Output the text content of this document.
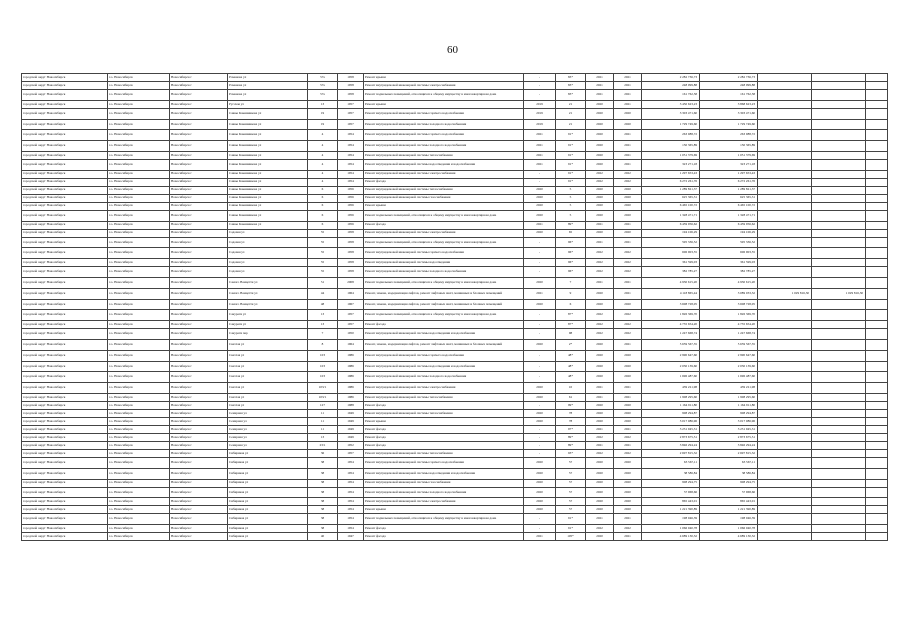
60
городской округ Новосибирск	г.о. Новосибирск	Новосибирск г	Романова ул	57а	1958	Ремонт крыши	-	83*	2021	2021	2 282 736,73	2 282 736,73			
городской округ Новосибирск	г.о. Новосибирск	Новосибирск г	Романова ул	57а	1958	Ремонт внутридомовой инженерной системы электроснабжения	-	83*	2021	2021	248 099,88	248 099,88			
городской округ Новосибирск	г.о. Новосибирск	Новосибирск г	Романова ул	57а	1958	Ремонт подвальных помещений, относящихся к общему имуществу в многоквартирном доме	-	83*	2021	2021	161 762,58	161 762,58			
городской округ Новосибирск	г.о. Новосибирск	Новосибирск г	Русская ул	13	1957	Ремонт крыши	2019	21	2020	2021	3 450 623,23	3 868 623,23			
городской округ Новосибирск	г.о. Новосибирск	Новосибирск г	Саввы Кожевникова ул	19	1957	Ремонт внутридомовой инженерной системы горячего водоснабжения	2019	21	2020	2020	3 303 471,60	3 303 471,60			
городской округ Новосибирск	г.о. Новосибирск	Новосибирск г	Саввы Кожевникова ул	19	1957	Ремонт внутридомовой инженерной системы холодного водоснабжения	2019	21	2020	2020	1 729 749,60	1 729 749,60			
городской округ Новосибирск	г.о. Новосибирск	Новосибирск г	Саввы Кожевникова ул	4	1954	Ремонт внутридомовой инженерной системы горячего водоснабжения	2021	91*	2020	2021	263 988,72	263 988,72			
городской округ Новосибирск	г.о. Новосибирск	Новосибирск г	Саввы Кожевникова ул	4	1954	Ремонт внутридомовой инженерной системы холодного водоснабжения	2021	91*	2020	2021	150 365,89	150 365,89			
городской округ Новосибирск	г.о. Новосибирск	Новосибирск г	Саввы Кожевникова ул	4	1954	Ремонт внутридомовой инженерной системы теплоснабжения	2021	91*	2020	2021	1 051 379,69	1 051 379,69			
городской округ Новосибирск	г.о. Новосибирск	Новосибирск г	Саввы Кожевникова ул	4	1954	Ремонт внутридомовой инженерной системы водоотведения и водоснабжения	2021	91*	2020	2021	323 271,18	323 271,18			
городской округ Новосибирск	г.о. Новосибирск	Новосибирск г	Саввы Кожевникова ул	4	1954	Ремонт внутридомовой инженерной системы электроснабжения	-	91*	2022	2022	1 297 653,43	1 297 653,43			
городской округ Новосибирск	г.о. Новосибирск	Новосибирск г	Саввы Кожевникова ул	4	1954	Ремонт фасада	-	91*	2022	2022	6 272 261,76	6 272 261,76			
городской округ Новосибирск	г.о. Новосибирск	Новосибирск г	Саввы Кожевникова ул	6	1956	Ремонт внутридомовой инженерной системы теплоснабжения	2020	5	2020	2020	1 289 821,37	1 289 821,37			
городской округ Новосибирск	г.о. Новосибирск	Новосибирск г	Саввы Кожевникова ул	6	1956	Ремонт внутридомовой инженерной системы газоснабжения	2020	5	2020	2020	625 365,31	625 365,31			
городской округ Новосибирск	г.о. Новосибирск	Новосибирск г	Саввы Кожевникова ул	6	1956	Ремонт крыши	2020	5	2020	2020	6 465 100,72	6 465 100,72			
городской округ Новосибирск	г.о. Новосибирск	Новосибирск г	Саввы Кожевникова ул	6	1956	Ремонт подвальных помещений, относящихся к общему имуществу в многоквартирном доме	2020	5	2020	2020	1 328 471,71	1 328 471,71			
городской округ Новосибирск	г.о. Новосибирск	Новосибирск г	Саввы Кожевникова ул	6	1956	Ремонт фасада	2021	89*	2021	2021	6 459 956,62	6 459 956,62			
городской округ Новосибирск	г.о. Новосибирск	Новосибирск г	Садовая ул	55	1958	Ремонт внутридомовой инженерной системы электроснабжения	2020	65	2020	2020	194 106,29	194 106,29			
городской округ Новосибирск	г.о. Новосибирск	Новосибирск г	Садовая ул	55	1958	Ремонт подвальных помещений, относящихся к общему имуществу в многоквартирном доме	-	96*	2021	2021	595 336,52	595 336,52			
городской округ Новосибирск	г.о. Новосибирск	Новосибирск г	Садовая ул	55	1958	Ремонт внутридомовой инженерной системы горячего водоснабжения	-	96*	2022	2022	606 903,55	606 903,55			
городской округ Новосибирск	г.о. Новосибирск	Новосибирск г	Садовая ул	55	1958	Ремонт внутридомовой инженерной системы водоотведения	-	96*	2022	2022	361 599,03	361 599,03			
городской округ Новосибирск	г.о. Новосибирск	Новосибирск г	Садовая ул	55	1958	Ремонт внутридомовой инженерной системы холодного водоснабжения	-	96*	2022	2022	382 785,27	382 785,27			
городской округ Новосибирск	г.о. Новосибирск	Новосибирск г	Самого Ванцетти ул	51	2008	Ремонт подвальных помещений, относящихся к общему имуществу в многоквартирном доме	2020	7	2021	2021	4 930 615,20	4 930 615,20			
городской округ Новосибирск	г.о. Новосибирск	Новосибирск г	Самого Ванцетти ул	44	1964	Ремонт, замена, модернизация лифтов, ремонт лифтовых шахт, машинных и блочных помещений	2021	9	2020	2021	4 118 865,44	3 089 033,32	1 029 816,30	1 029 816,30	
городской округ Новосибирск	г.о. Новосибирск	Новосибирск г	Самого Ванцетти ул	48	1967	Ремонт, замена, модернизация лифтов, ремонт лифтовых шахт, машинных и блочных помещений	2020	6	2020	2020	3 608 728,05	3 608 728,05			
городской округ Новосибирск	г.о. Новосибирск	Новосибирск г	Сакураги ул	13	1957	Ремонт подвальных помещений, относящихся к общему имуществу в многоквартирном доме	-	87*	2022	2022	1 826 369,70	1 826 369,70			
городской округ Новосибирск	г.о. Новосибирск	Новосибирск г	Сакураги ул	13	1957	Ремонт фасада	-	87*	2022	2022	4 735 654,20	4 735 654,20			
городской округ Новосибирск	г.о. Новосибирск	Новосибирск г	Сакураги пер	7	1950	Ремонт внутридомовой инженерной системы водоотведения и водоснабжения	-	98	2022	2022	1 247 668,74	1 247 668,74			
городской округ Новосибирск	г.о. Новосибирск	Новосибирск г	Светлая ул	8	1964	Ремонт, замена, модернизация лифтов, ремонт лифтовых шахт, машинных и блочных помещений	2020	2*	2020	2021	5 659 567,35	5 659 567,35			
городской округ Новосибирск	г.о. Новосибирск	Новосибирск г	Светлая ул	103	1986	Ремонт внутридомовой инженерной системы горячего водоснабжения	-	48*	2020	2020	2 990 647,60	2 990 647,60			
городской округ Новосибирск	г.о. Новосибирск	Новосибирск г	Светлая ул	103	1986	Ремонт внутридомовой инженерной системы водоотведения и водоснабжения	-	48*	2020	2020	2 030 139,60	2 030 139,60			
городской округ Новосибирск	г.о. Новосибирск	Новосибирск г	Светлая ул	103	1986	Ремонт внутридомовой инженерной системы холодного водоснабжения	-	48*	2020	2020	1 696 487,60	1 696 487,60			
городской округ Новосибирск	г.о. Новосибирск	Новосибирск г	Светлая ул	103/1	1986	Ремонт внутридомовой инженерной системы электроснабжения	2020	10	2021	2021	439 221,98	439 221,98			
городской округ Новосибирск	г.о. Новосибирск	Новосибирск г	Светлая ул	103/1	1986	Ремонт внутридомовой инженерной системы теплоснабжения	2020	61	2021	2021	1 908 295,60	1 908 295,60			
городской округ Новосибирск	г.о. Новосибирск	Новосибирск г	Светлая ул	127	1988	Ремонт фасада	-	99*	2020	2020	1 164 911,80	1 164 911,80			
городской округ Новосибирск	г.о. Новосибирск	Новосибирск г	Семерная ул	11	1949	Ремонт внутридомовой инженерной системы теплоснабжения	2020	78	2020	2020	908 294,87	908 294,87			
городской округ Новосибирск	г.о. Новосибирск	Новосибирск г	Семерная ул	11	1949	Ремонт крыши	2020	78	2020	2020	3 017 086,96	3 017 086,96			
городской округ Новосибирск	г.о. Новосибирск	Новосибирск г	Семерная ул	11	1949	Ремонт фасада	-	97*	2021	2021	3 231 945,31	3 231 945,31			
городской округ Новосибирск	г.о. Новосибирск	Новосибирск г	Семерная ул	13	1949	Ремонт фасада	-	89*	2022	2022	2 873 675,51	2 873 675,51			
городской округ Новосибирск	г.о. Новосибирск	Новосибирск г	Семерная ул	23/1	1952	Ремонт фасада	-	89*	2021	2021	3 846 294,24	3 846 294,24			
городской округ Новосибирск	г.о. Новосибирск	Новосибирск г	Сибиряков ул	36	1957	Ремонт внутридомовой инженерной системы теплоснабжения	-	93*	2022	2022	2 697 815,32	2 697 815,32			
городской округ Новосибирск	г.о. Новосибирск	Новосибирск г	Сибиряков ул	38	1954	Ремонт внутридомовой инженерной системы горячего водоснабжения	2020	57	2020	2020	63 567,11	63 567,11			
городской округ Новосибирск	г.о. Новосибирск	Новосибирск г	Сибиряков ул	38	1954	Ремонт внутридомовой инженерной системы водоотведения и водоснабжения	2020	57	2020	2020	38 586,84	38 586,84			
городской округ Новосибирск	г.о. Новосибирск	Новосибирск г	Сибиряков ул	38	1954	Ремонт внутридомовой инженерной системы газоснабжения	2020	57	2020	2020	908 294,75	908 294,75			
городской округ Новосибирск	г.о. Новосибирск	Новосибирск г	Сибиряков ул	38	1954	Ремонт внутридомовой инженерной системы холодного водоснабжения	2020	57	2020	2020	57 968,66	57 968,66			
городской округ Новосибирск	г.о. Новосибирск	Новосибирск г	Сибиряков ул	38	1954	Ремонт внутридомовой инженерной системы электроснабжения	2020	57	2020	2020	865 443,01	865 443,01			
городской округ Новосибирск	г.о. Новосибирск	Новосибирск г	Сибиряков ул	38	1954	Ремонт крыши	2020	57	2020	2020	1 221 390,89	1 221 390,89			
городской округ Новосибирск	г.о. Новосибирск	Новосибирск г	Сибиряков ул	38	1954	Ремонт подвальных помещений, относящихся к общему имуществу в многоквартирном доме	-	91*	2021	2021	198 046,39	198 046,39			
городской округ Новосибирск	г.о. Новосибирск	Новосибирск г	Сибиряков ул	38	1954	Ремонт фасада	-	91*	2022	2022	1 066 040,78	1 066 040,78			
городской округ Новосибирск	г.о. Новосибирск	Новосибирск г	Сибиряков ул	40	1947	Ремонт фасада	2021	105*	2020	2021	4 689 130,32	4 689 130,32			
